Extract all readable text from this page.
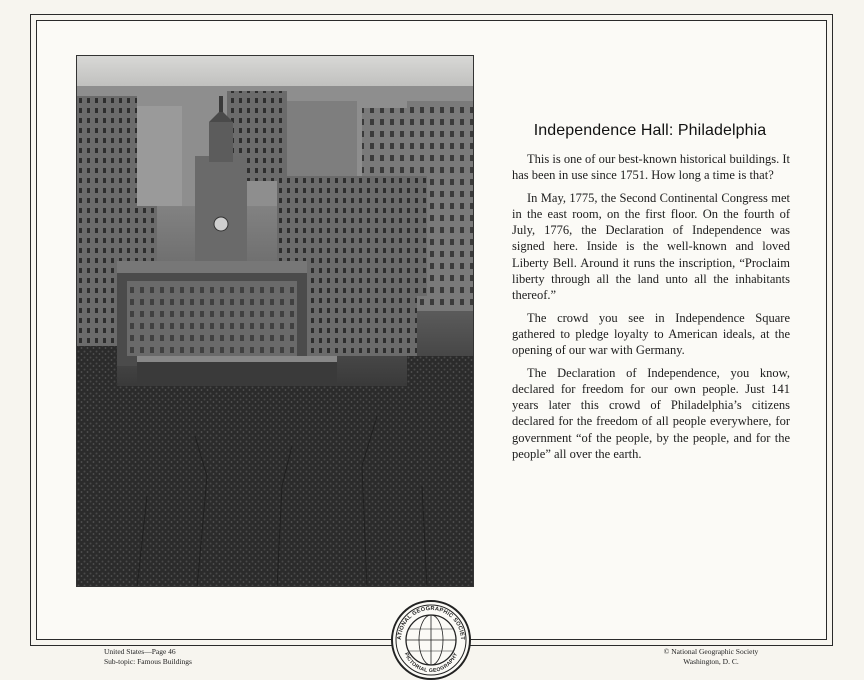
Independence Hall: Philadelphia

This is one of our best-known historical buildings. It has been in use since 1751. How long a time is that?

In May, 1775, the Second Continental Congress met in the east room, on the first floor. On the fourth of July, 1776, the Declaration of Independence was signed here. Inside is the well-known and loved Liberty Bell. Around it runs the inscription, “Proclaim liberty through all the land unto all the inhabitants thereof.”

The crowd you see in Independence Square gathered to pledge loyalty to American ideals, at the opening of our war with Germany.

The Declaration of Independence, you know, declared for freedom for our own people. Just 141 years later this crowd of Philadelphia’s citizens declared for the freedom of all people everywhere, for government “of the people, by the people, and for the people” all over the earth.

United States—Page 46
Sub-topic: Famous Buildings
ATIONAL GEOGRAPHIC SOCIET
PICTORIAL GEOGRAPHY	© National Geographic Society
Washington, D. C.
